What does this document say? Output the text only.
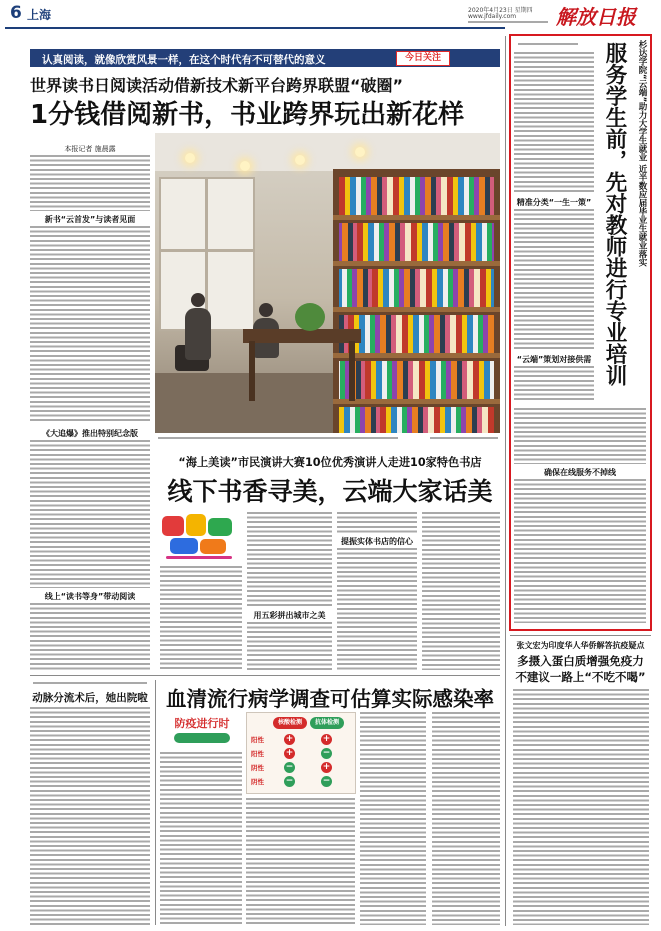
6 上海	2020年4月23日 星期四
www.jfdaily.com	解放日报
认真阅读，就像欣赏风景一样，在这个时代有不可替代的意义	今日关注
世界读书日阅读活动借新技术新平台跨界联盟“破圈”
1分钱借阅新书，书业跨界玩出新花样
本报记者 施晨露
新书“云首发”与读者见面
《大追爆》推出特别纪念版
线上“读书等身”带动阅读
“海上美读”市民演讲大赛10位优秀演讲人走进10家特色书店
线下书香寻美，云端大家话美
用五彩拼出城市之美
提振实体书店的信心
动脉分流术后，她出院啦 血清流行病学调查可估算实际感染率
防疫进行时	核酸检测	抗体检测
阳性 +	+
阳性 +	−
阴性 −	+
阴性 −	−
杉达学院“云端”助力大学生就业 近半数应届毕业生就业落实
服务学生前，先对教师进行专业培训
精准分类“一生一策”
“云端”策划对接供需
确保在线服务不掉线
张文宏为印度华人华侨解答抗疫疑点
多摄入蛋白质增强免疫力
不建议一路上“不吃不喝”
